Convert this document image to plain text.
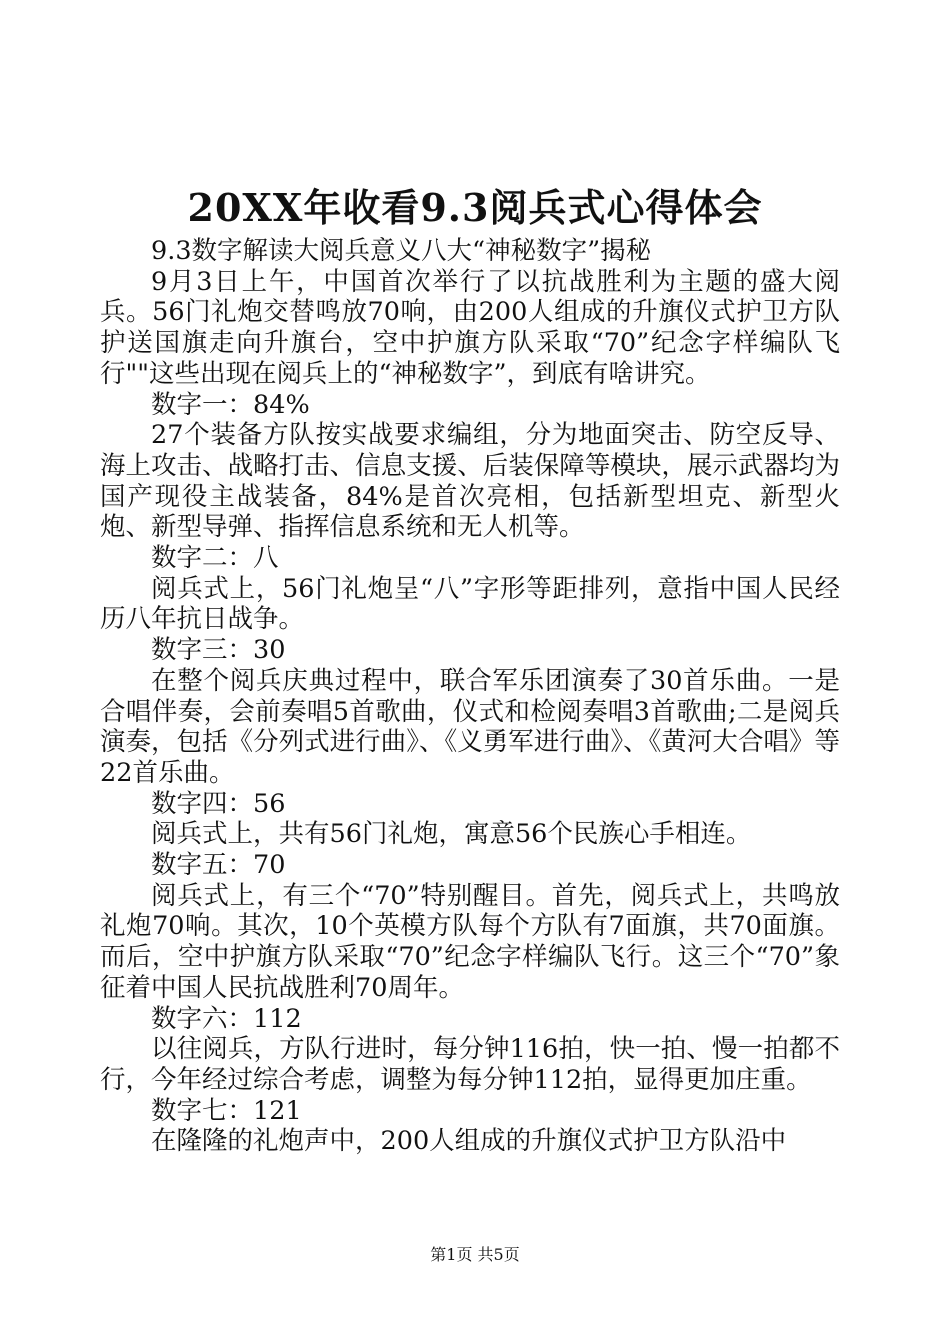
20XX年收看9.3阅兵式心得体会

9.3数字解读大阅兵意义八大“神秘数字”揭秘

9月3日上午，中国首次举行了以抗战胜利为主题的盛大阅兵。56门礼炮交替鸣放70响，由200人组成的升旗仪式护卫方队护送国旗走向升旗台，空中护旗方队采取“70”纪念字样编队飞行""这些出现在阅兵上的“神秘数字”，到底有啥讲究。

数字一：84%

27个装备方队按实战要求编组，分为地面突击、防空反导、海上攻击、战略打击、信息支援、后装保障等模块，展示武器均为国产现役主战装备，84%是首次亮相，包括新型坦克、新型火炮、新型导弹、指挥信息系统和无人机等。

数字二：八

阅兵式上，56门礼炮呈“八”字形等距排列，意指中国人民经历八年抗日战争。

数字三：30

在整个阅兵庆典过程中，联合军乐团演奏了30首乐曲。一是合唱伴奏，会前奏唱5首歌曲，仪式和检阅奏唱3首歌曲;二是阅兵演奏，包括《分列式进行曲》、《义勇军进行曲》、《黄河大合唱》等22首乐曲。

数字四：56

阅兵式上，共有56门礼炮，寓意56个民族心手相连。

数字五：70

阅兵式上，有三个“70”特别醒目。首先，阅兵式上，共鸣放礼炮70响。其次，10个英模方队每个方队有7面旗，共70面旗。而后，空中护旗方队采取“70”纪念字样编队飞行。这三个“70”象征着中国人民抗战胜利70周年。

数字六：112

以往阅兵，方队行进时，每分钟116拍，快一拍、慢一拍都不行，今年经过综合考虑，调整为每分钟112拍，显得更加庄重。

数字七：121

在隆隆的礼炮声中，200人组成的升旗仪式护卫方队沿中

第1页 共5页
